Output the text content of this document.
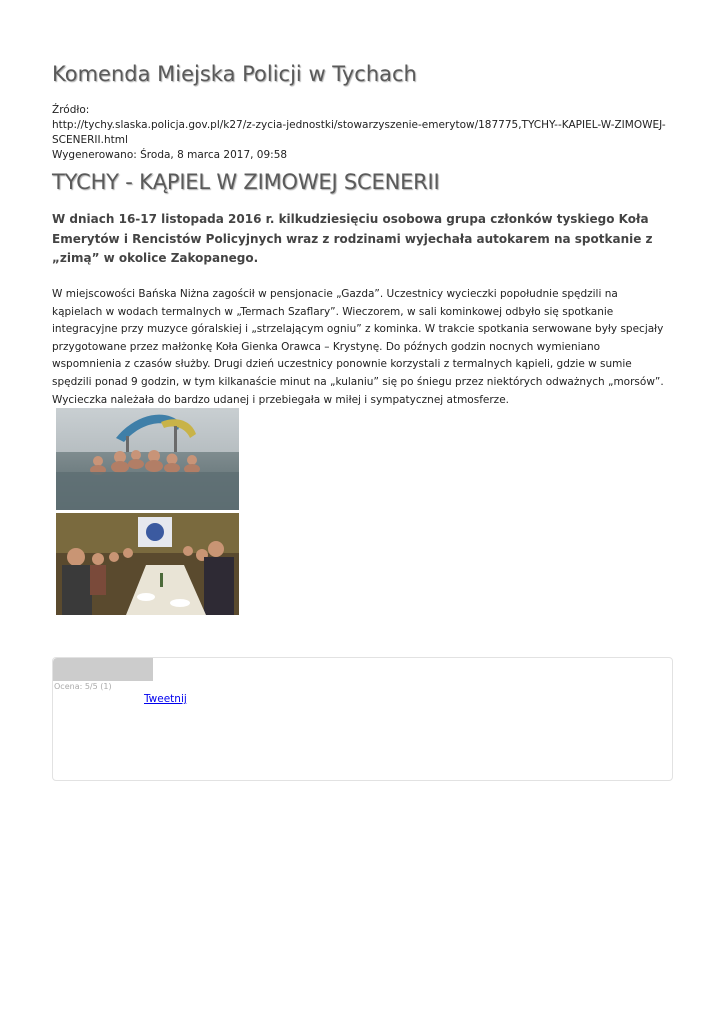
Komenda Miejska Policji w Tychach
Źródło:
http://tychy.slaska.policja.gov.pl/k27/z-zycia-jednostki/stowarzyszenie-emerytow/187775,TYCHY--KAPIEL-W-ZIMOWEJ-SCENERII.html
Wygenerowano: Środa, 8 marca 2017, 09:58
TYCHY - KĄPIEL W ZIMOWEJ SCENERII

W dniach 16-17 listopada 2016 r. kilkudziesięciu osobowa grupa członków tyskiego Koła Emerytów i Rencistów Policyjnych wraz z rodzinami wyjechała autokarem na spotkanie z „zimą” w okolice Zakopanego.

W miejscowości Bańska Niżna zagościł w pensjonacie „Gazda”. Uczestnicy wycieczki popołudnie spędzili na kąpielach w wodach termalnych w „Termach Szaflary”. Wieczorem, w sali kominkowej odbyło się spotkanie integracyjne przy muzyce góralskiej i „strzelającym ogniu” z kominka. W trakcie spotkania serwowane były specjały przygotowane przez małżonkę Koła Gienka Orawca – Krystynę. Do późnych godzin nocnych wymieniano wspomnienia z czasów służby. Drugi dzień uczestnicy ponownie korzystali z termalnych kąpieli, gdzie w sumie spędzili ponad 9 godzin, w tym kilkanaście minut na „kulaniu” się po śniegu przez niektórych odważnych „morsów”. Wycieczka należała do bardzo udanej i przebiegała w miłej i sympatycznej atmosferze.

Ocena: 5/5 (1)
Tweetnij
